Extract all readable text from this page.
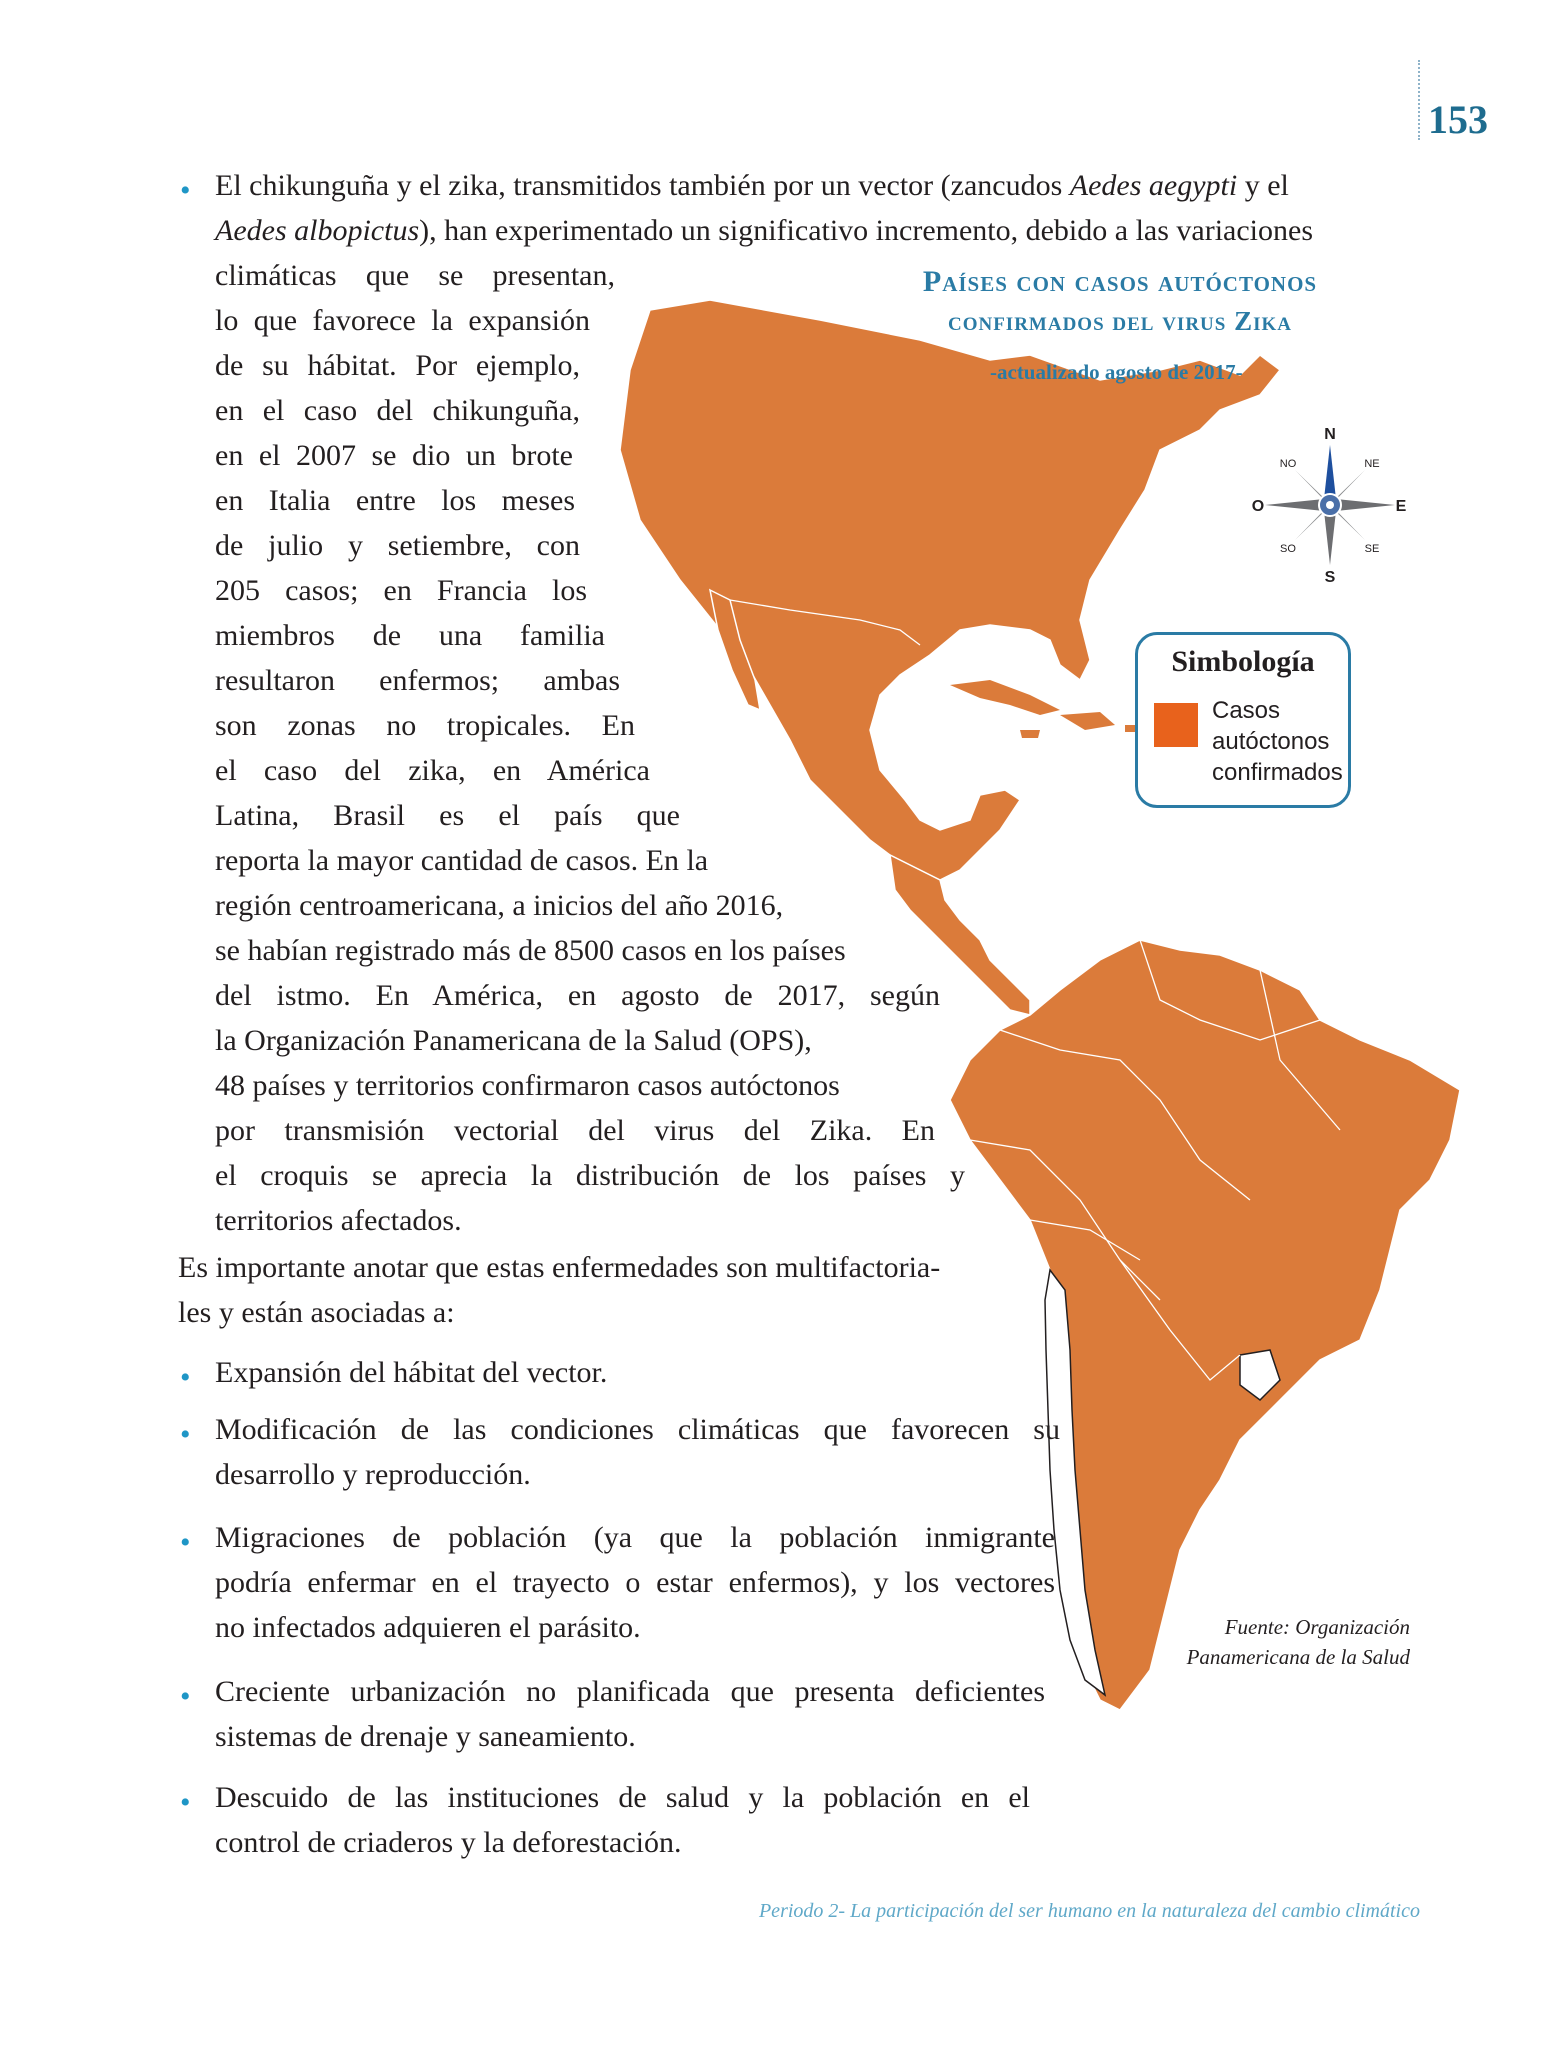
153
Países con casos autóctonos
confirmados del virus Zika
-actualizado agosto de 2017-
N
S
O	E
NO	NE
SO	SE
Simbología
Casos autóctonos confirmados
Fuente: Organización
Panamericana de la Salud
• El chikunguña y el zika, transmitidos también por un vector (zancudos Aedes aegypti y el
Aedes albopictus), han experimentado un significativo incremento, debido a las variaciones
climáticas que se presentan,
lo que favorece la expansión
de su hábitat. Por ejemplo,
en el caso del chikunguña,
en el 2007 se dio un brote
en Italia entre los meses
de julio y setiembre, con
205 casos; en Francia los
miembros de una familia
resultaron enfermos; ambas
son zonas no tropicales. En
el caso del zika, en América
Latina, Brasil es el país que
reporta la mayor cantidad de casos. En la
región centroamericana, a inicios del año 2016,
se habían registrado más de 8500 casos en los países
del istmo. En América, en agosto de 2017, según
la Organización Panamericana de la Salud (OPS),
48 países y territorios confirmaron casos autóctonos
por transmisión vectorial del virus del Zika. En
el croquis se aprecia la distribución de los países y
territorios afectados.
Es importante anotar que estas enfermedades son multifactoria-
les y están asociadas a:
• Expansión del hábitat del vector.
• Modificación de las condiciones climáticas que favorecen su
desarrollo y reproducción.
• Migraciones de población (ya que la población inmigrante
podría enfermar en el trayecto o estar enfermos), y los vectores
no infectados adquieren el parásito.
• Creciente urbanización no planificada que presenta deficientes
sistemas de drenaje y saneamiento.
• Descuido de las instituciones de salud y la población en el
control de criaderos y la deforestación.
Periodo 2- La participación del ser humano en la naturaleza del cambio climático
